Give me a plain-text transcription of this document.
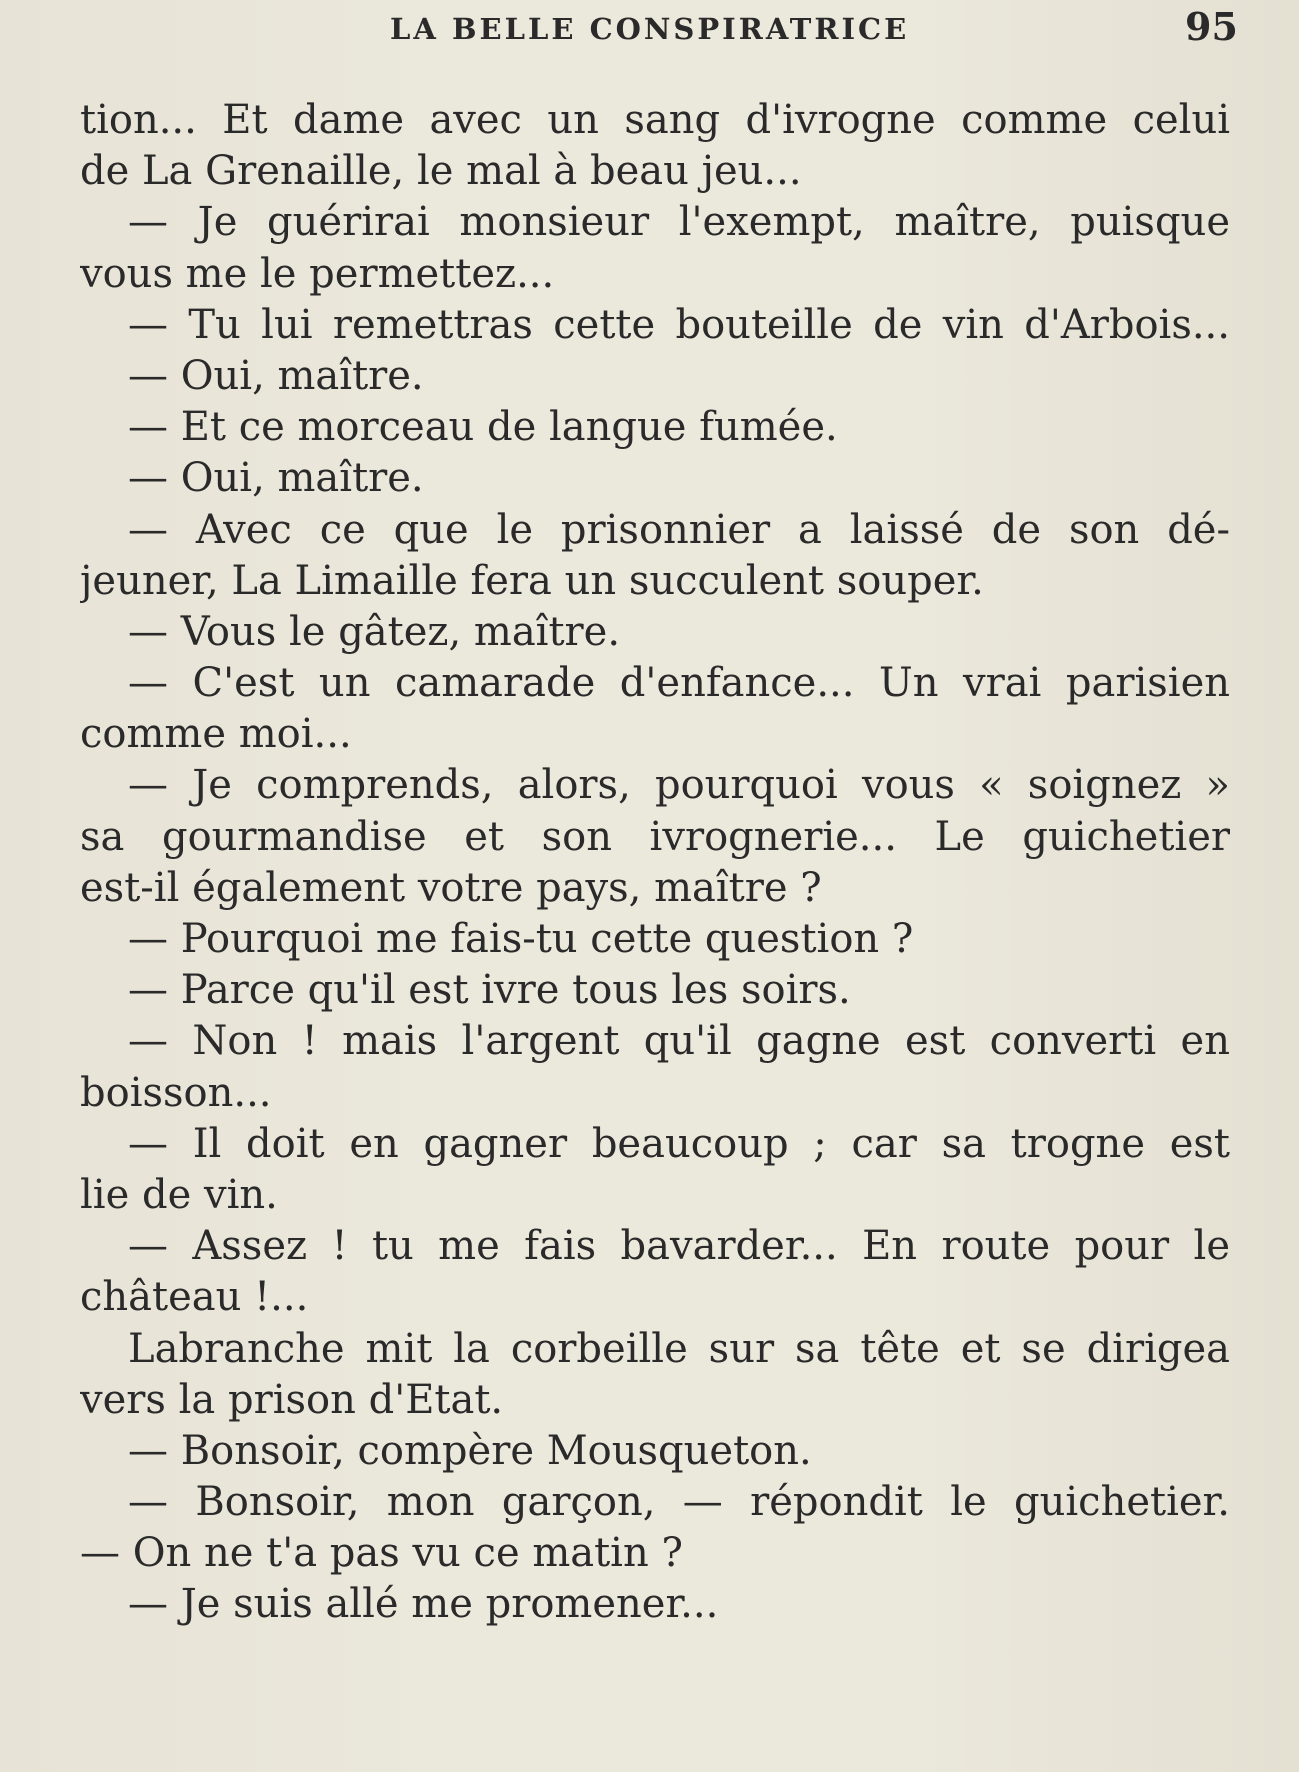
LA BELLE CONSPIRATRICE	95
tion... Et dame avec un sang d'ivrogne comme celui
de La Grenaille, le mal à beau jeu...
— Je guérirai monsieur l'exempt, maître, puisque
vous me le permettez...
— Tu lui remettras cette bouteille de vin d'Arbois...
— Oui, maître.
— Et ce morceau de langue fumée.
— Oui, maître.
— Avec ce que le prisonnier a laissé de son dé-
jeuner, La Limaille fera un succulent souper.
— Vous le gâtez, maître.
— C'est un camarade d'enfance... Un vrai parisien
comme moi...
— Je comprends, alors, pourquoi vous « soignez »
sa gourmandise et son ivrognerie... Le guichetier
est-il également votre pays, maître ?
— Pourquoi me fais-tu cette question ?
— Parce qu'il est ivre tous les soirs.
— Non ! mais l'argent qu'il gagne est converti en
boisson...
— Il doit en gagner beaucoup ; car sa trogne est
lie de vin.
— Assez ! tu me fais bavarder... En route pour le
château !...
Labranche mit la corbeille sur sa tête et se dirigea
vers la prison d'Etat.
— Bonsoir, compère Mousqueton.
— Bonsoir, mon garçon, — répondit le guichetier.
— On ne t'a pas vu ce matin ?
— Je suis allé me promener...
